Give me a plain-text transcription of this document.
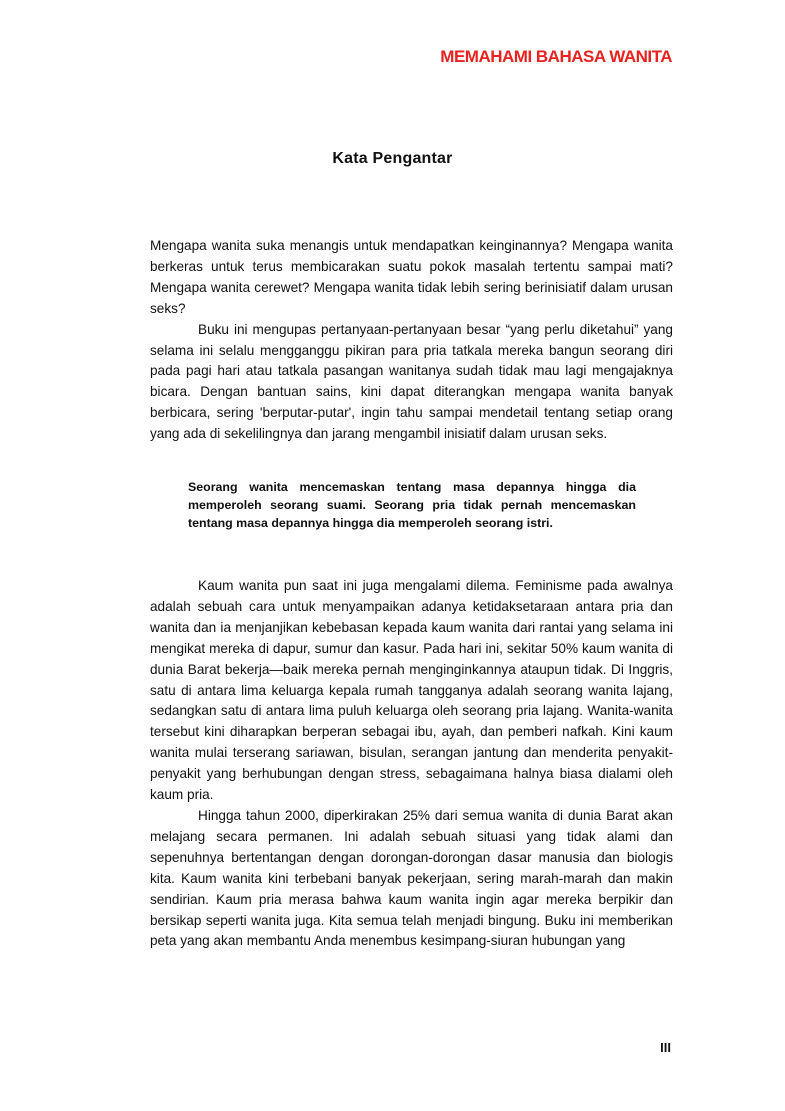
MEMAHAMI BAHASA WANITA
Kata Pengantar

Mengapa wanita suka menangis untuk mendapatkan keinginannya? Mengapa wanita berkeras untuk terus membicarakan suatu pokok masalah tertentu sampai mati? Mengapa wanita cerewet? Mengapa wanita tidak lebih sering berinisiatif dalam urusan seks?

Buku ini mengupas pertanyaan-pertanyaan besar “yang perlu diketahui” yang selama ini selalu mengganggu pikiran para pria tatkala mereka bangun seorang diri pada pagi hari atau tatkala pasangan wanitanya sudah tidak mau lagi mengajaknya bicara. Dengan bantuan sains, kini dapat diterangkan mengapa wanita banyak berbicara, sering 'berputar-putar', ingin tahu sampai mendetail tentang setiap orang yang ada di sekelilingnya dan jarang mengambil inisiatif dalam urusan seks.

Seorang wanita mencemaskan tentang masa depannya hingga dia memperoleh seorang suami. Seorang pria tidak pernah mencemaskan tentang masa depannya hingga dia memperoleh seorang istri.

Kaum wanita pun saat ini juga mengalami dilema. Feminisme pada awalnya adalah sebuah cara untuk menyampaikan adanya ketidaksetaraan antara pria dan wanita dan ia menjanjikan kebebasan kepada kaum wanita dari rantai yang selama ini mengikat mereka di dapur, sumur dan kasur. Pada hari ini, sekitar 50% kaum wanita di dunia Barat bekerja—baik mereka pernah menginginkannya ataupun tidak. Di Inggris, satu di antara lima keluarga kepala rumah tangganya adalah seorang wanita lajang, sedangkan satu di antara lima puluh keluarga oleh seorang pria lajang. Wanita-wanita tersebut kini diharapkan berperan sebagai ibu, ayah, dan pemberi nafkah. Kini kaum wanita mulai terserang sariawan, bisulan, serangan jantung dan menderita penyakit-penyakit yang berhubungan dengan stress, sebagaimana halnya biasa dialami oleh kaum pria.

Hingga tahun 2000, diperkirakan 25% dari semua wanita di dunia Barat akan melajang secara permanen. Ini adalah sebuah situasi yang tidak alami dan sepenuhnya bertentangan dengan dorongan-dorongan dasar manusia dan biologis kita. Kaum wanita kini terbebani banyak pekerjaan, sering marah-marah dan makin sendirian. Kaum pria merasa bahwa kaum wanita ingin agar mereka berpikir dan bersikap seperti wanita juga. Kita semua telah menjadi bingung. Buku ini memberikan peta yang akan membantu Anda menembus kesimpang-siuran hubungan yang

III
